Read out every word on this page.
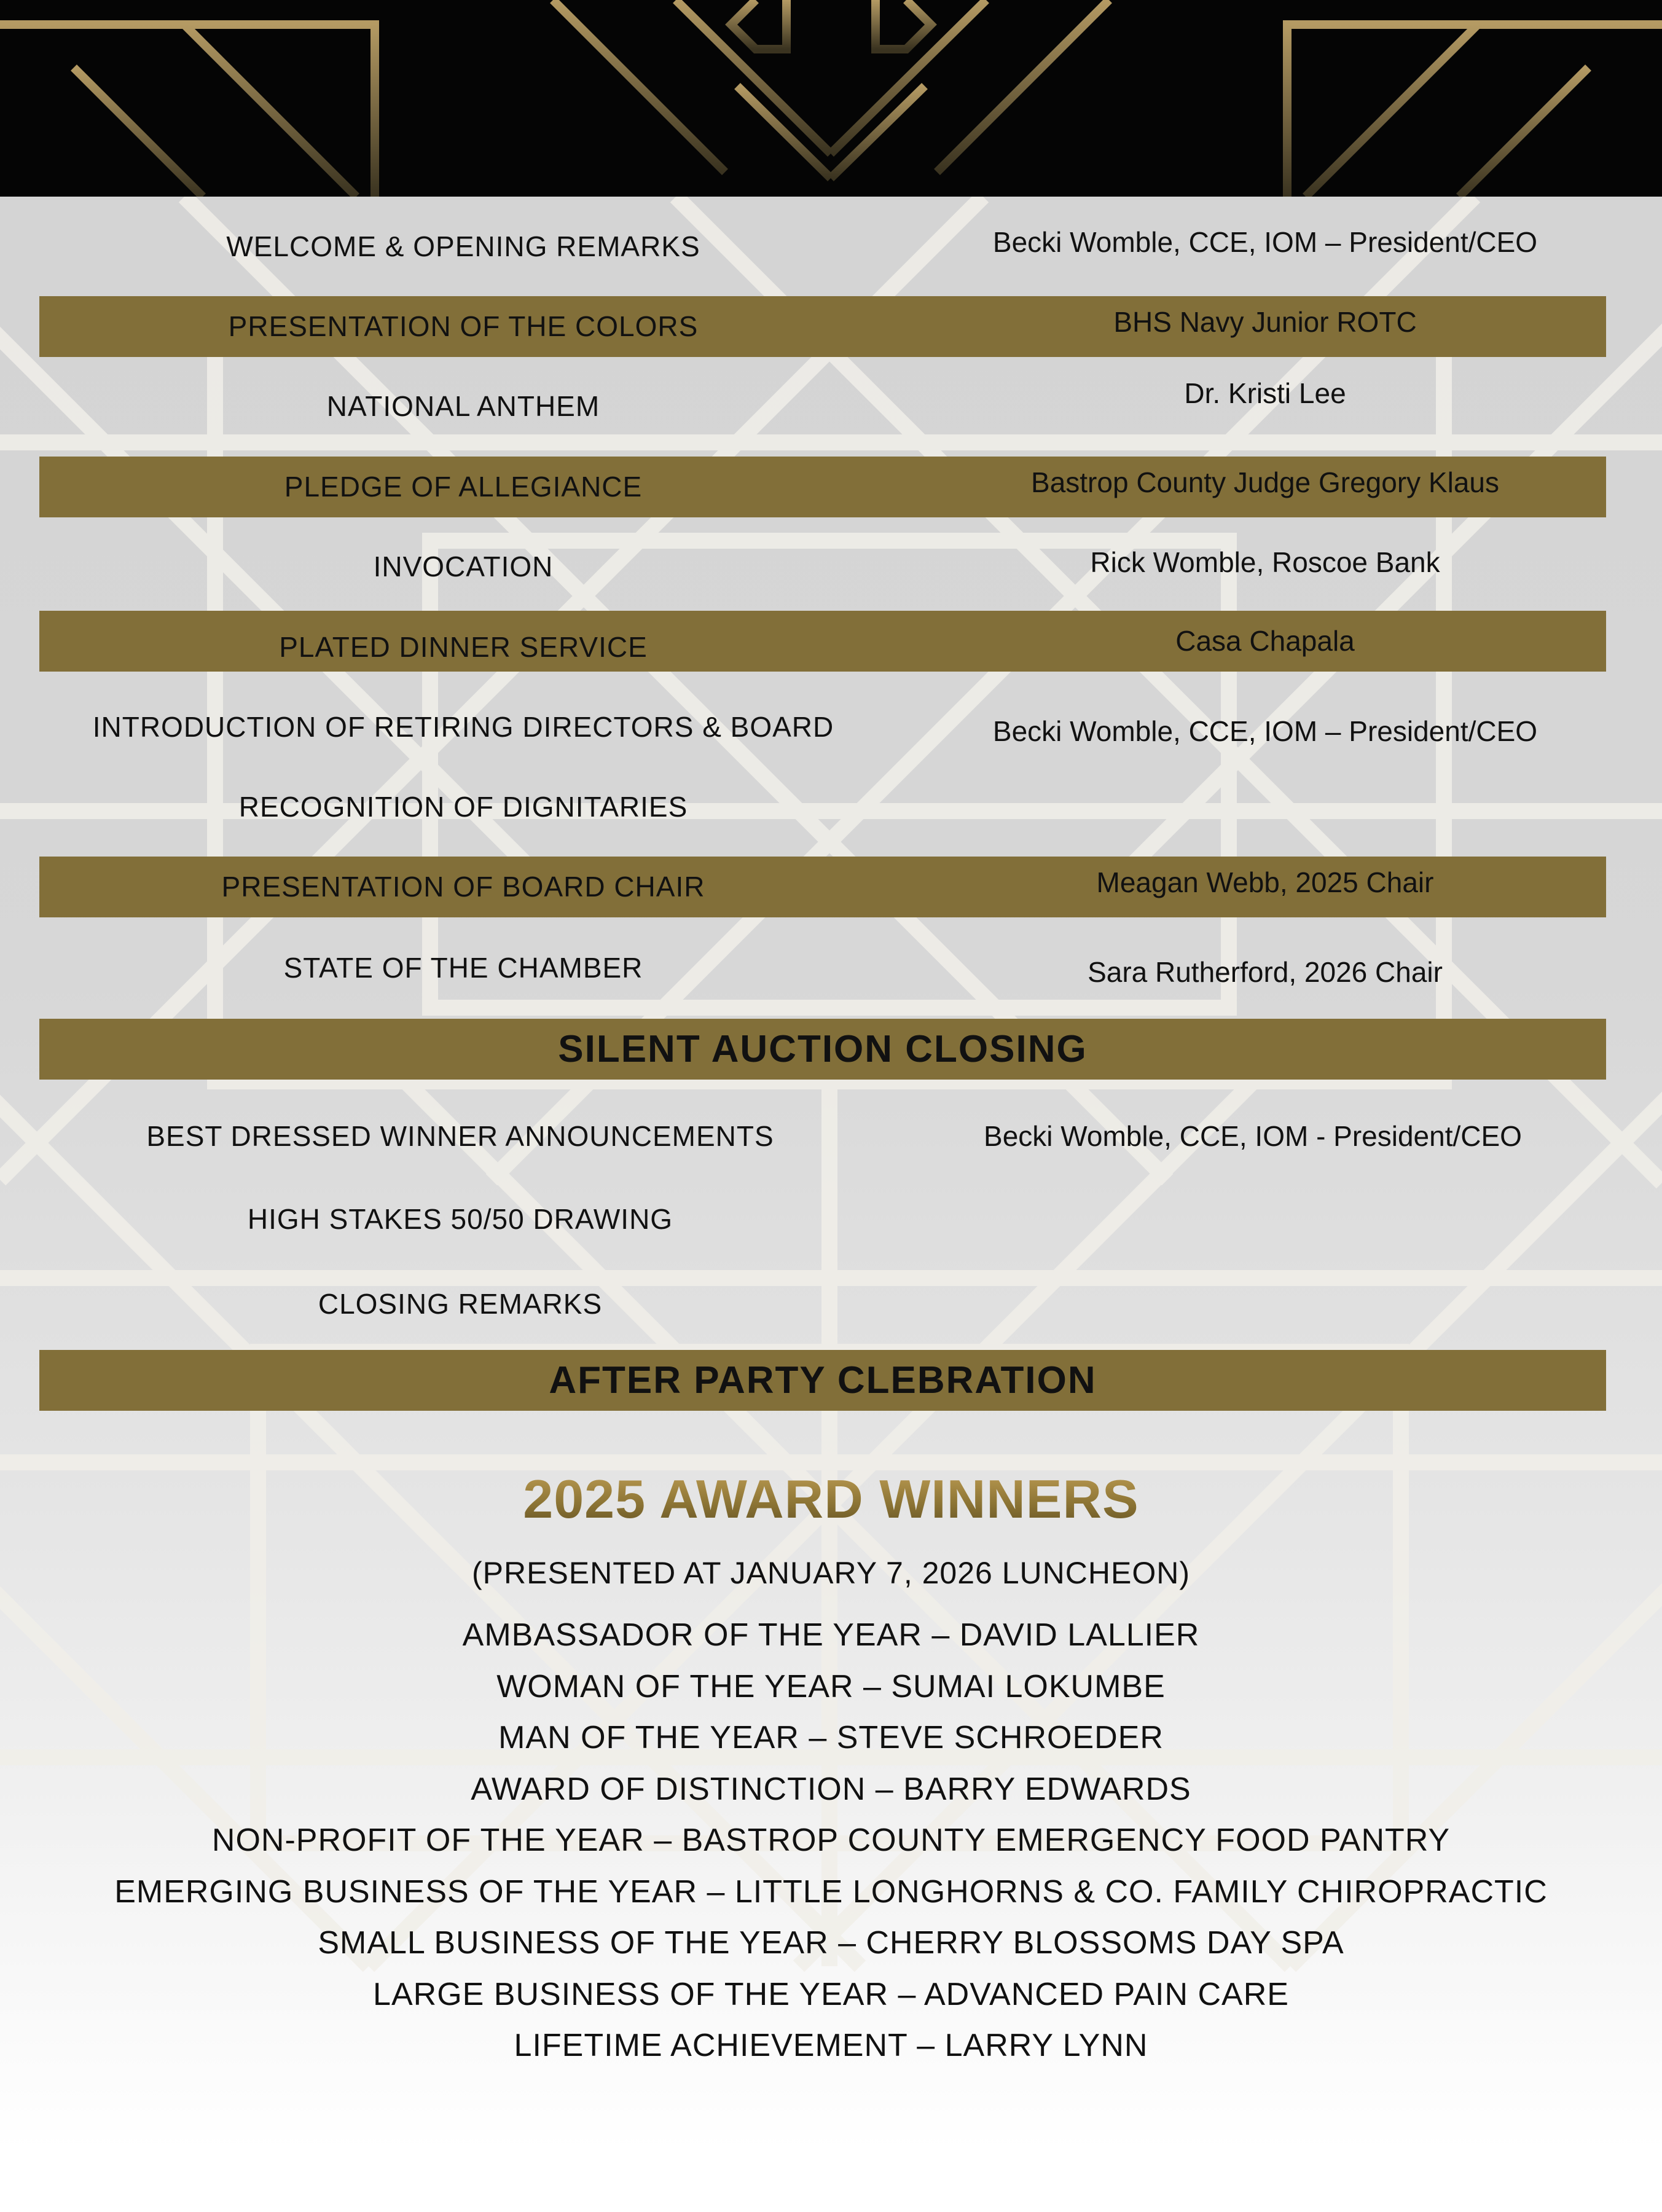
WELCOME & OPENING REMARKS	Becki Womble, CCE, IOM – President/CEO
PRESENTATION OF THE COLORS	BHS Navy Junior ROTC
NATIONAL ANTHEM	Dr. Kristi Lee
PLEDGE OF ALLEGIANCE	Bastrop County Judge Gregory Klaus
INVOCATION	Rick Womble, Roscoe Bank
PLATED DINNER SERVICE	Casa Chapala
INTRODUCTION OF RETIRING DIRECTORS & BOARD	Becki Womble, CCE, IOM – President/CEO
RECOGNITION OF DIGNITARIES
PRESENTATION OF BOARD CHAIR	Meagan Webb, 2025 Chair
STATE OF THE CHAMBER	Sara Rutherford, 2026 Chair
SILENT AUCTION CLOSING
BEST DRESSED WINNER ANNOUNCEMENTS	Becki Womble, CCE, IOM - President/CEO
HIGH STAKES 50/50 DRAWING
CLOSING REMARKS
AFTER PARTY CLEBRATION
2025 AWARD WINNERS
(PRESENTED AT JANUARY 7, 2026 LUNCHEON)
AMBASSADOR OF THE YEAR – DAVID LALLIER
WOMAN OF THE YEAR – SUMAI LOKUMBE
MAN OF THE YEAR – STEVE SCHROEDER
AWARD OF DISTINCTION – BARRY EDWARDS
NON-PROFIT OF THE YEAR – BASTROP COUNTY EMERGENCY FOOD PANTRY
EMERGING BUSINESS OF THE YEAR – LITTLE LONGHORNS & CO. FAMILY CHIROPRACTIC
SMALL BUSINESS OF THE YEAR – CHERRY BLOSSOMS DAY SPA
LARGE BUSINESS OF THE YEAR – ADVANCED PAIN CARE
LIFETIME ACHIEVEMENT – LARRY LYNN
